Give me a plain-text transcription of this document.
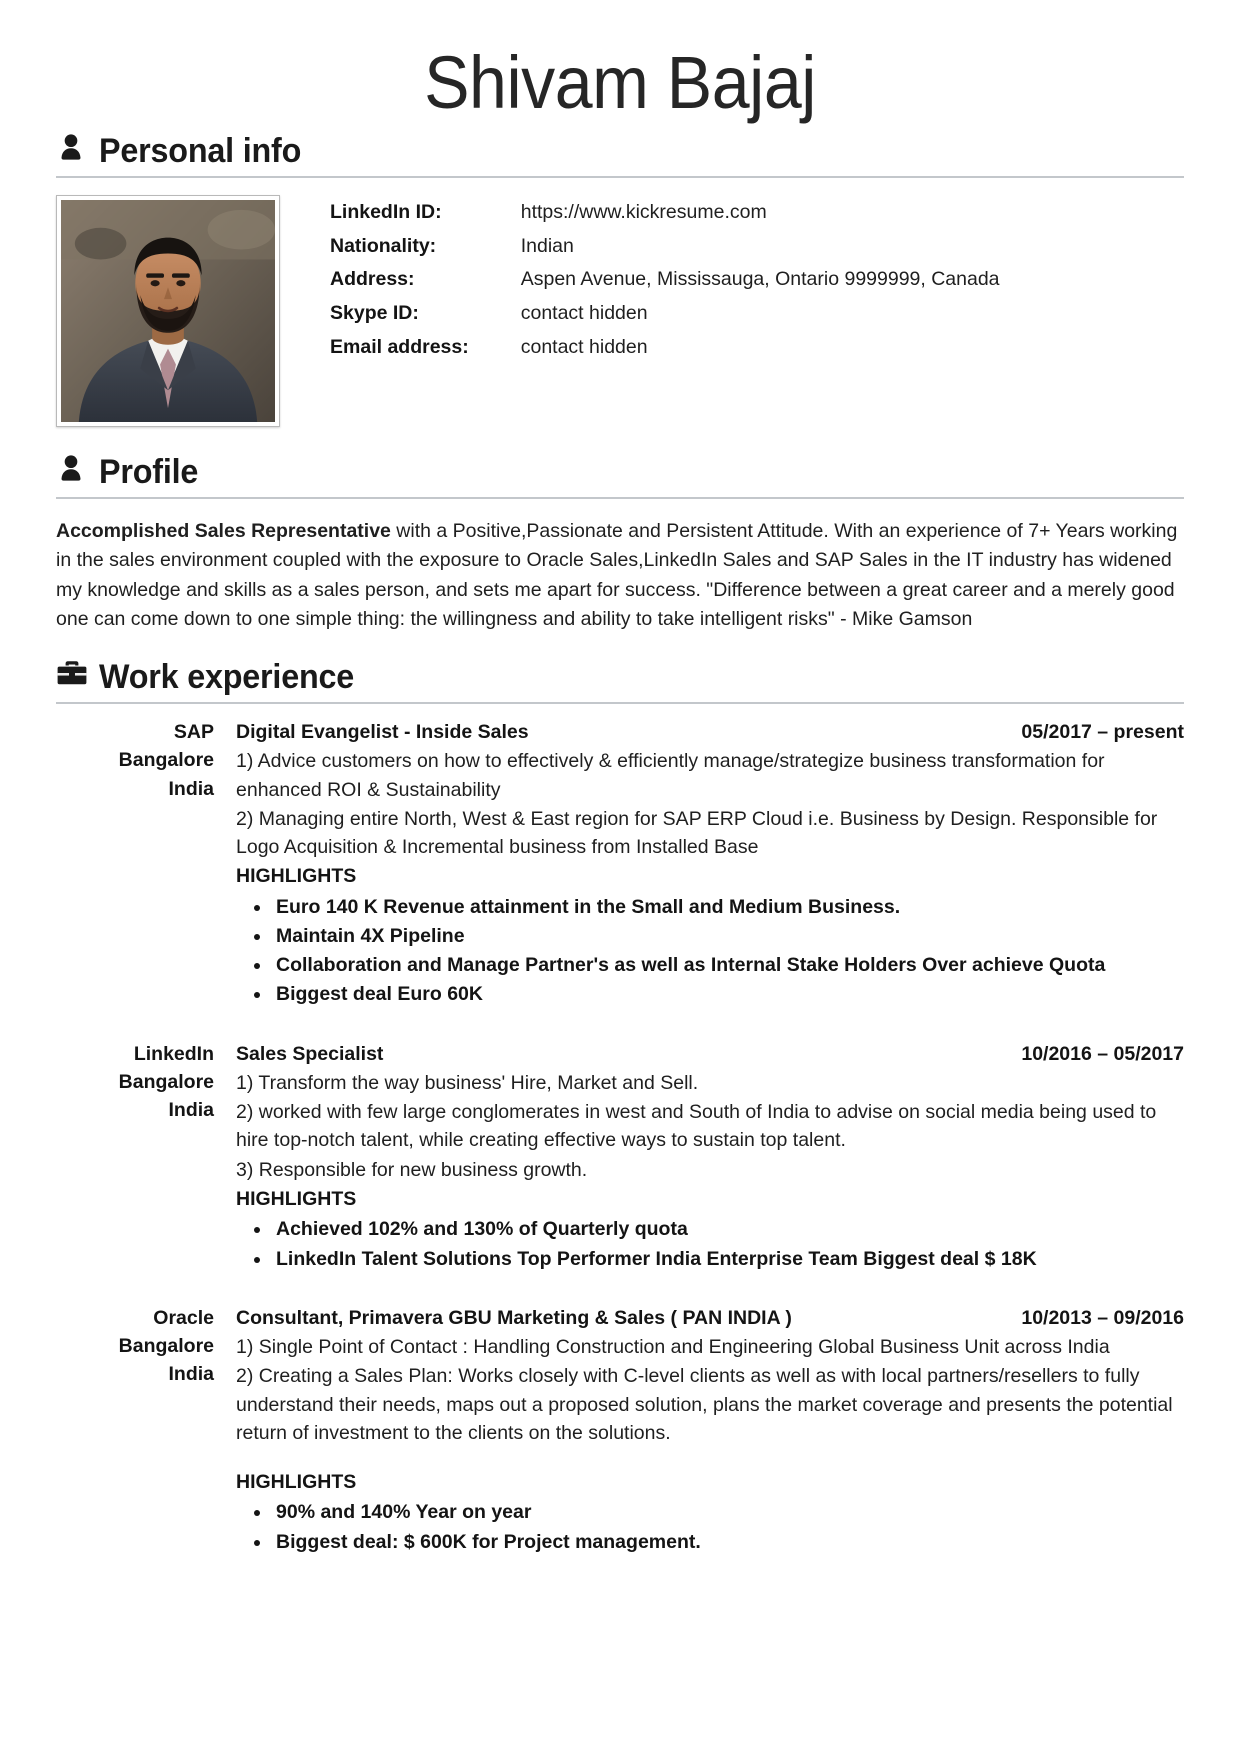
Shivam Bajaj
Personal info
LinkedIn ID:	https://www.kickresume.com
Nationality:	Indian
Address:	Aspen Avenue, Mississauga, Ontario 9999999, Canada
Skype ID:	contact hidden
Email address:	contact hidden
Profile

Accomplished Sales Representative with a Positive,Passionate and Persistent Attitude. With an experience of 7+ Years working in the sales environment coupled with the exposure to Oracle Sales,LinkedIn Sales and SAP Sales in the IT industry has widened my knowledge and skills as a sales person, and sets me apart for success. "Difference between a great career and a merely good one can come down to one simple thing: the willingness and ability to take intelligent risks" - Mike Gamson

Work experience
SAP
Bangalore
India
Digital Evangelist - Inside Sales	05/2017 – present
1) Advice customers on how to effectively & efficiently manage/strategize business transformation for enhanced ROI & Sustainability
2) Managing entire North, West & East region for SAP ERP Cloud i.e. Business by Design. Responsible for Logo Acquisition & Incremental business from Installed Base
HIGHLIGHTS
• Euro 140 K Revenue attainment in the Small and Medium Business.
• Maintain 4X Pipeline
• Collaboration and Manage Partner's as well as Internal Stake Holders Over achieve Quota
• Biggest deal Euro 60K
LinkedIn
Bangalore
India
Sales Specialist	10/2016 – 05/2017
1) Transform the way business' Hire, Market and Sell.
2) worked with few large conglomerates in west and South of India to advise on social media being used to hire top-notch talent, while creating effective ways to sustain top talent.
3) Responsible for new business growth.
HIGHLIGHTS
• Achieved 102% and 130% of Quarterly quota
• LinkedIn Talent Solutions Top Performer India Enterprise Team Biggest deal $ 18K
Oracle
Bangalore
India
Consultant, Primavera GBU Marketing & Sales ( PAN INDIA )	10/2013 – 09/2016
1) Single Point of Contact : Handling Construction and Engineering Global Business Unit across India
2) Creating a Sales Plan: Works closely with C-level clients as well as with local partners/resellers to fully understand their needs, maps out a proposed solution, plans the market coverage and presents the potential return of investment to the clients on the solutions.
HIGHLIGHTS
• 90% and 140% Year on year
• Biggest deal: $ 600K for Project management.
